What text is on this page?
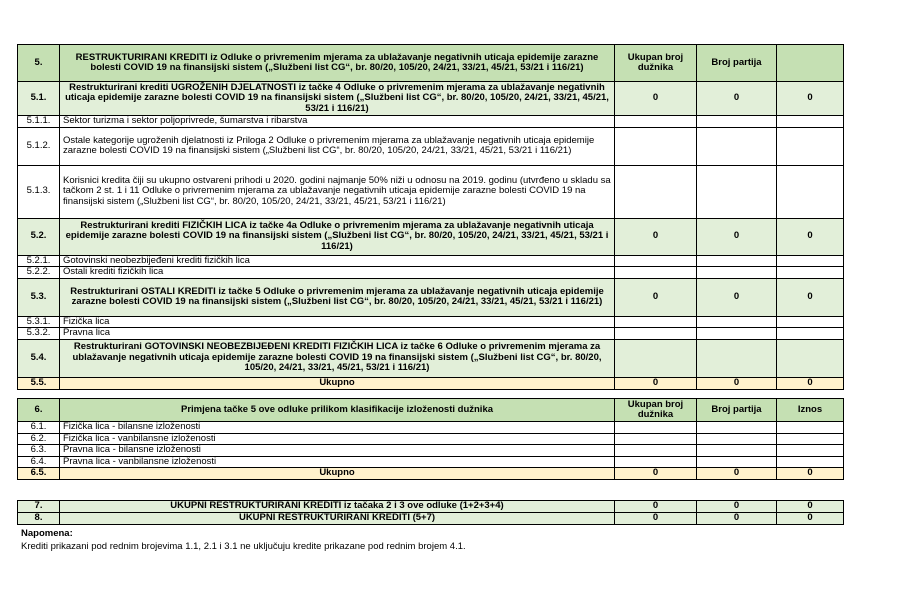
5.	RESTRUKTURIRANI KREDITI iz Odluke o privremenim mjerama za ublažavanje negativnih uticaja epidemije zarazne bolesti COVID 19 na finansijski sistem („Službeni list CG“, br. 80/20, 105/20, 24/21, 33/21, 45/21, 53/21 i 116/21)	Ukupan broj dužnika	Broj partija	
5.1.	Restrukturirani krediti UGROŽENIH DJELATNOSTI iz tačke 4 Odluke o privremenim mjerama za ublažavanje negativnih uticaja epidemije zarazne bolesti COVID 19 na finansijski sistem („Službeni list CG“, br. 80/20, 105/20, 24/21, 33/21, 45/21, 53/21 i 116/21)	0	0	0
5.1.1.	Sektor turizma i sektor poljoprivrede, šumarstva i ribarstva			
5.1.2.	Ostale kategorije ugroženih djelatnosti iz Priloga 2 Odluke o privremenim mjerama za ublažavanje negativnih uticaja epidemije zarazne bolesti COVID 19 na finansijski sistem („Službeni list CG“, br. 80/20, 105/20, 24/21, 33/21, 45/21, 53/21 i 116/21)			
5.1.3.	Korisnici kredita čiji su ukupno ostvareni prihodi u 2020. godini najmanje 50% niži u odnosu na 2019. godinu (utvrđeno u skladu sa tačkom 2 st. 1 i 11 Odluke o privremenim mjerama za ublažavanje negativnih uticaja epidemije zarazne bolesti COVID 19 na finansijski sistem („Službeni list CG“, br. 80/20, 105/20, 24/21, 33/21, 45/21, 53/21 i 116/21)			
5.2.	Restrukturirani krediti FIZIČKIH LICA iz tačke 4a Odluke o privremenim mjerama za ublažavanje negativnih uticaja epidemije zarazne bolesti COVID 19 na finansijski sistem („Službeni list CG“, br. 80/20, 105/20, 24/21, 33/21, 45/21, 53/21 i 116/21)	0	0	0
5.2.1.	Gotovinski neobezbijeđeni krediti fizičkih lica			
5.2.2.	Ostali krediti fizičkih lica			
5.3.	Restrukturirani OSTALI KREDITI iz tačke 5 Odluke o privremenim mjerama za ublažavanje negativnih uticaja epidemije zarazne bolesti COVID 19 na finansijski sistem („Službeni list CG“, br. 80/20, 105/20, 24/21, 33/21, 45/21, 53/21 i 116/21)	0	0	0
5.3.1.	Fizička lica			
5.3.2.	Pravna lica			
5.4.	Restrukturirani GOTOVINSKI NEOBEZBIJEĐENI KREDITI FIZIČKIH LICA iz tačke 6 Odluke o privremenim mjerama za ublažavanje negativnih uticaja epidemije zarazne bolesti COVID 19 na finansijski sistem („Službeni list CG“, br. 80/20, 105/20, 24/21, 33/21, 45/21, 53/21 i 116/21)			
5.5.	Ukupno	0	0	0
6.	Primjena tačke 5 ove odluke prilikom klasifikacije izloženosti dužnika	Ukupan broj dužnika	Broj partija	Iznos
6.1.	Fizička lica - bilansne izloženosti			
6.2.	Fizička lica - vanbilansne izloženosti			
6.3.	Pravna lica - bilansne izloženosti			
6.4.	Pravna lica - vanbilansne izloženosti			
6.5.	Ukupno	0	0	0
7.	UKUPNI RESTRUKTURIRANI KREDITI iz tačaka 2 i 3 ove odluke (1+2+3+4)	0	0	0
8.	UKUPNI RESTRUKTURIRANI KREDITI (5+7)	0	0	0
Napomena:
Krediti prikazani pod rednim brojevima 1.1, 2.1 i 3.1 ne uključuju kredite prikazane pod rednim brojem 4.1.
